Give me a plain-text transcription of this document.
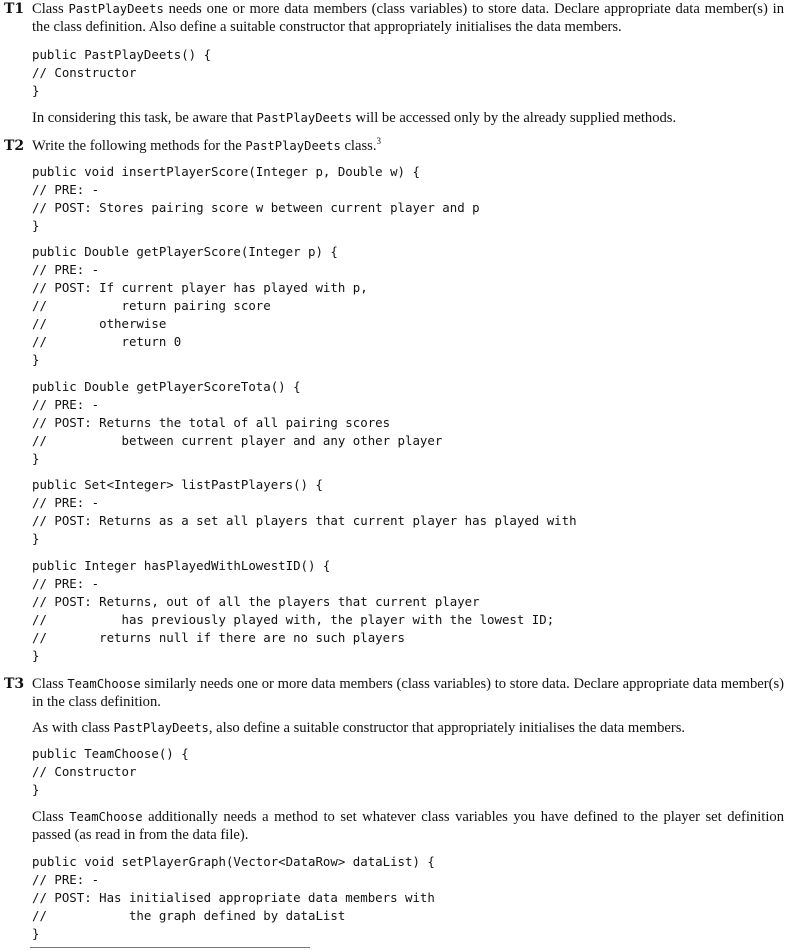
T1 Class PastPlayDeets needs one or more data members (class variables) to store data. Declare appropriate data member(s) in the class definition. Also define a suitable constructor that appropriately initialises the data members.
public PastPlayDeets() {
// Constructor
}
In considering this task, be aware that PastPlayDeets will be accessed only by the already supplied methods.
T2 Write the following methods for the PastPlayDeets class.$^3$
public void insertPlayerScore(Integer p, Double w) {
// PRE: -
// POST: Stores pairing score w between current player and p
}
public Double getPlayerScore(Integer p) {
// PRE: -
// POST: If current player has played with p,
//          return pairing score
//       otherwise
//          return 0
}
public Double getPlayerScoreTota() {
// PRE: -
// POST: Returns the total of all pairing scores
//          between current player and any other player
}
public Set<Integer> listPastPlayers() {
// PRE: -
// POST: Returns as a set all players that current player has played with
}
public Integer hasPlayedWithLowestID() {
// PRE: -
// POST: Returns, out of all the players that current player
//          has previously played with, the player with the lowest ID;
//       returns null if there are no such players
}
T3 Class TeamChoose similarly needs one or more data members (class variables) to store data. Declare appropriate data member(s) in the class definition.
As with class PastPlayDeets, also define a suitable constructor that appropriately initialises the data members.
public TeamChoose() {
// Constructor
}
Class TeamChoose additionally needs a method to set whatever class variables you have defined to the player set definition passed (as read in from the data file).
public void setPlayerGraph(Vector<DataRow> dataList) {
// PRE: -
// POST: Has initialised appropriate data members with
//           the graph defined by dataList
}
